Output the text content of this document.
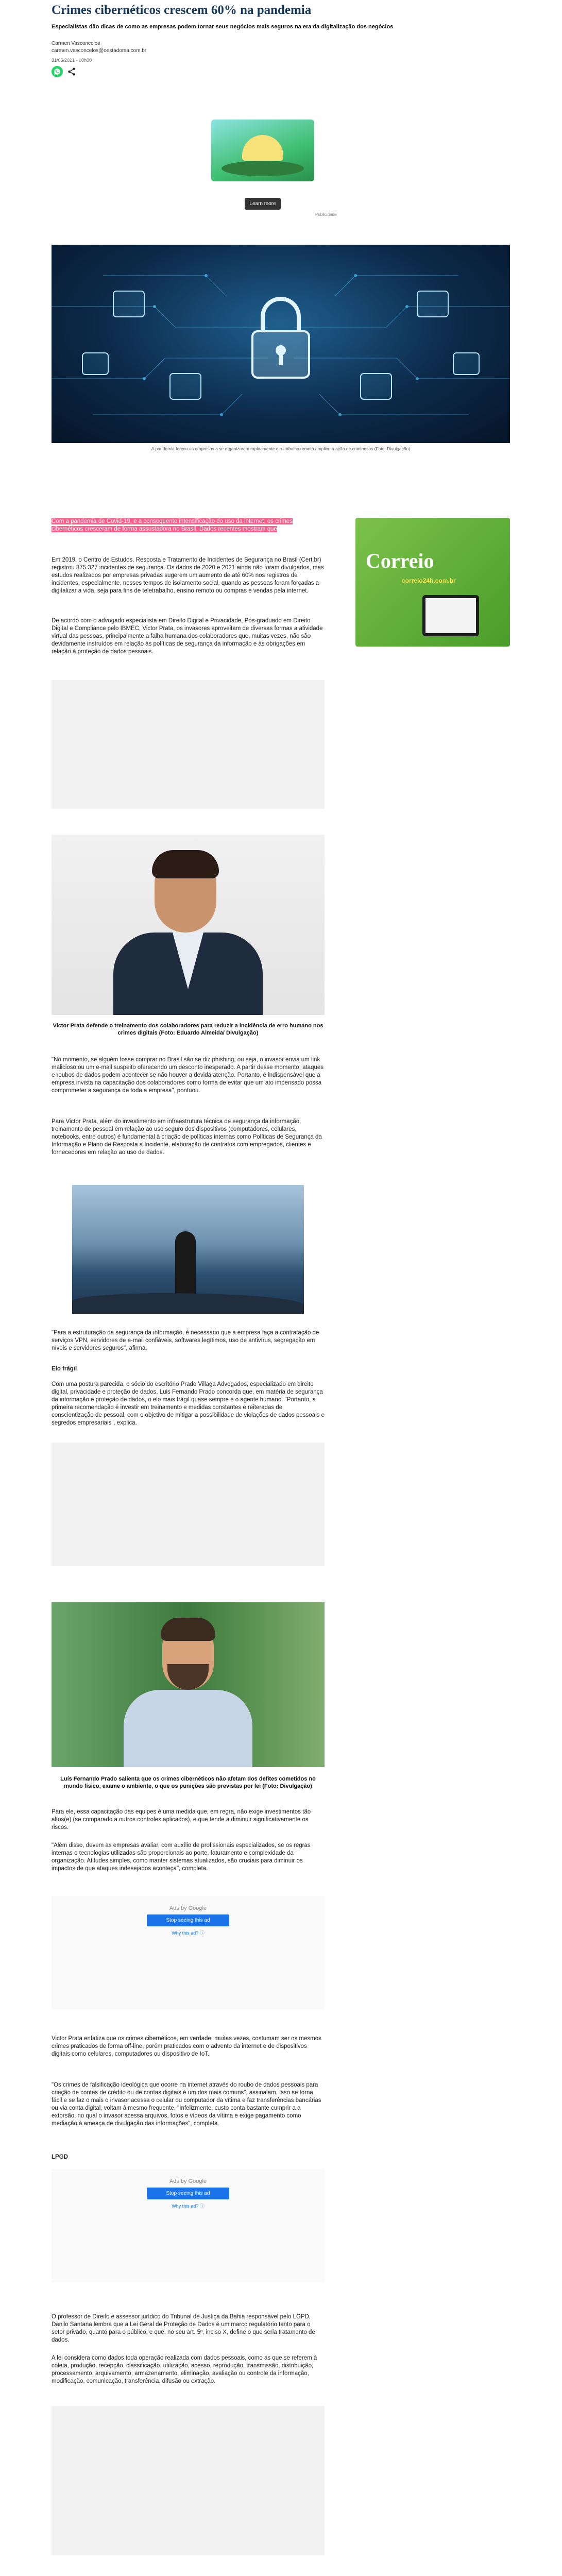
Crimes cibernéticos crescem 60% na pandemia

Especialistas dão dicas de como as empresas podem tornar seus negócios mais seguros na era da digitalização dos negócios

Carmen Vasconcelos
carmen.vasconcelos@oestadoma.com.br
31/05/2021 - 00h00
Learn more
Publicidade
A pandemia forçou as empresas a se organizarem rapidamente e o trabalho remoto ampliou a ação de criminosos (Foto: Divulgação)
Correio
correio24h.com.br

Com a pandemia de Covid-19, e a consequente intensificação do uso da internet, os crimes cibernéticos cresceram de forma assustadora no Brasil. Dados recentes mostram que

Em 2019, o Centro de Estudos, Resposta e Tratamento de Incidentes de Segurança no Brasil (Cert.br) registrou 875.327 incidentes de segurança. Os dados de 2020 e 2021 ainda não foram divulgados, mas estudos realizados por empresas privadas sugerem um aumento de até 60% nos registros de incidentes, especialmente, nesses tempos de isolamento social, quando as pessoas foram forçadas a digitalizar a vida, seja para fins de teletrabalho, ensino remoto ou compras e vendas pela internet.

De acordo com o advogado especialista em Direito Digital e Privacidade, Pós-graduado em Direito Digital e Compliance pelo IBMEC, Victor Prata, os invasores aproveitam de diversas formas a atividade virtual das pessoas, principalmente a falha humana dos colaboradores que, muitas vezes, não são devidamente instruídos em relação às políticas de segurança da informação e às obrigações em relação à proteção de dados pessoais.

Victor Prata defende o treinamento dos colaboradores para reduzir a incidência de erro humano nos crimes digitais (Foto: Eduardo Almeida/ Divulgação)

"No momento, se alguém fosse comprar no Brasil são se diz phishing, ou seja, o invasor envia um link malicioso ou um e-mail suspeito oferecendo um desconto inesperado. A partir desse momento, ataques e roubos de dados podem acontecer se não houver a devida atenção. Portanto, é indispensável que a empresa invista na capacitação dos colaboradores como forma de evitar que um ato impensado possa comprometer a segurança de toda a empresa", pontuou.

Para Victor Prata, além do investimento em infraestrutura técnica de segurança da informação, treinamento de pessoal em relação ao uso seguro dos dispositivos (computadores, celulares, notebooks, entre outros) é fundamental à criação de políticas internas como Políticas de Segurança da Informação e Plano de Resposta a Incidente, elaboração de contratos com empregados, clientes e fornecedores em relação ao uso de dados.

"Para a estruturação da segurança da informação, é necessário que a empresa faça a contratação de serviços VPN, servidores de e-mail confiáveis, softwares legítimos, uso de antivírus, segregação em níveis e servidores seguros", afirma.

Elo frágil

Com uma postura parecida, o sócio do escritório Prado Villaga Advogados, especializado em direito digital, privacidade e proteção de dados, Luis Fernando Prado concorda que, em matéria de segurança da informação e proteção de dados, o elo mais frágil quase sempre é o agente humano. "Portanto, a primeira recomendação é investir em treinamento e medidas constantes e reiteradas de conscientização de pessoal, com o objetivo de mitigar a possibilidade de violações de dados pessoais e segredos empresariais", explica.

Luís Fernando Prado salienta que os crimes cibernéticos não afetam dos defites cometidos no mundo físico, exame o ambiente, o que os punições são previstas por lei (Foto: Divulgação)

Para ele, essa capacitação das equipes é uma medida que, em regra, não exige investimentos tão altos(e) (se comparado a outros controles aplicados), e que tende a diminuir significativamente os riscos.

"Além disso, devem as empresas avaliar, com auxílio de profissionais especializados, se os regras internas e tecnologias utilizadas são proporcionais ao porte, faturamento e complexidade da organização. Atitudes simples, como manter sistemas atualizados, são cruciais para diminuir os impactos de que ataques indesejados aconteça", completa.

Ads by Google
Stop seeing this ad
Why this ad? ⓘ

Victor Prata enfatiza que os crimes cibernéticos, em verdade, muitas vezes, costumam ser os mesmos crimes praticados de forma off-line, porém praticados com o advento da internet e de dispositivos digitais como celulares, computadores ou dispositivo de IoT.

"Os crimes de falsificação ideológica que ocorre na internet através do roubo de dados pessoais para criação de contas de crédito ou de contas digitais é um dos mais comuns", assinalam. Isso se torna fácil e se faz o mais o invasor acessa o celular ou computador da vítima e faz transferências bancárias ou via conta digital, voltam à mesmo frequente. "Infelizmente, custo conta bastante cumprir a a extorsão, no qual o invasor acessa arquivos, fotos e vídeos da vítima e exige pagamento como mediação à ameaça de divulgação das informações", completa.

LPGD
Ads by Google
Stop seeing this ad
Why this ad? ⓘ

O professor de Direito e assessor jurídico do Tribunal de Justiça da Bahia responsável pelo LGPD, Danilo Santana lembra que a Lei Geral de Proteção de Dados é um marco regulatório tanto para o setor privado, quanto para o público, e que, no seu art. 5º, inciso X, define o que seria tratamento de dados.

A lei considera como dados toda operação realizada com dados pessoais, como as que se referem à coleta, produção, recepção, classificação, utilização, acesso, reprodução, transmissão, distribuição, processamento, arquivamento, armazenamento, eliminação, avaliação ou controle da informação, modificação, comunicação, transferência, difusão ou extração.
